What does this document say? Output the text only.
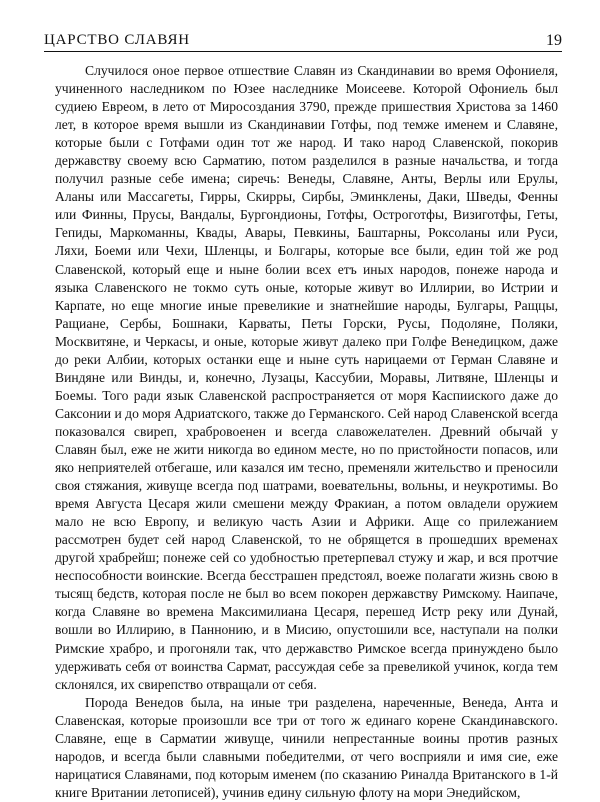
ЦАРСТВО СЛАВЯН	19

Случилося оное первое отшествие Славян из Скандинавии во время Офониеля, учиненного наследником по Юзее наследнике Моисееве. Которой Офониель был судиею Евреом, в лето от Миросоздания 3790, прежде пришествия Христова за 1460 лет, в которое время вышли из Скандинавии Готфы, под темже именем и Славяне, которые были с Готфами один тот же народ. И тако народ Славенской, покорив державству своему всю Сарматию, потом разделился в разные начальства, и тогда получил разные себе имена; сиречь: Венеды, Славяне, Анты, Верлы или Ерулы, Аланы или Массагеты, Гирры, Скирры, Сирбы, Эминклены, Даки, Шведы, Фенны или Финны, Прусы, Вандалы, Бургондионы, Готфы, Остроготфы, Визиготфы, Геты, Гепиды, Маркоманны, Квады, Авары, Певкины, Баштарны, Роксоланы или Руси, Ляхи, Боеми или Чехи, Шленцы, и Болгары, которые все были, един той же род Славенской, который еще и ныне болии всех етъ иных народов, понеже народа и языка Славенского не токмо суть оные, которые живут во Иллирии, во Истрии и Карпате, но еще многие иные превеликие и знатнейшие народы, Булгары, Ращцы, Ращиане, Сербы, Бошнаки, Карваты, Петы Горски, Русы, Подоляне, Поляки, Москвитяне, и Черкасы, и оные, которые живут далеко при Голфе Венедицком, даже до реки Албии, которых останки еще и ныне суть нарицаеми от Герман Славяне и Виндяне или Винды, и, конечно, Лузацы, Кассубии, Моравы, Литвяне, Шленцы и Боемы. Того ради язык Славенской распространяется от моря Каспииского даже до Саксонии и до моря Адриатского, также до Германского. Сей народ Славенской всегда показовался свиреп, храбровоенен и всегда славожелателен. Древний обычай у Славян был, еже не жити никогда во едином месте, но по пристойности попасов, или яко неприятелей отбегаше, или казался им тесно, пременяли жительство и преносили своя стяжания, живуще всегда под шатрами, воевательны, вольны, и неукротимы. Во время Августа Цесаря жили смешени между Фракиан, а потом овладели оружием мало не всю Европу, и великую часть Азии и Африки. Аще со прилежанием рассмотрен будет сей народ Славенской, то не обрящется в прошедших временах другой храбрейш; понеже сей со удобностью претерпевал стужу и жар, и вся протчие неспособности воинские. Всегда бесстрашен предстоял, воеже полагати жизнь свою в тысящ бедств, которая после не был во всем покорен державству Римскому. Наипаче, когда Славяне во времена Максимилиана Цесаря, перешед Истр реку или Дунай, вошли во Иллирию, в Паннонию, и в Мисию, опустошили все, наступали на полки Римские храбро, и прогоняли так, что державство Римское всегда принуждено было удерживать себя от воинства Сармат, рассуждая себе за превеликой учинок, когда тем склонялся, их свирепство отвращали от себя.

Порода Венедов была, на иные три разделена, нареченные, Венеда, Анта и Славенская, которые произошли все три от того ж единаго корене Скандинавского. Славяне, еще в Сарматии живуще, чинили непрестанные воины против разных народов, и всегда были славными победителми, от чего восприяли и имя сие, еже нарицатися Славянами, под которым именем (по сказанию Риналда Вританского в 1-й книге Вритании летописей), учинив едину сильную флоту на мори Энедийском,
